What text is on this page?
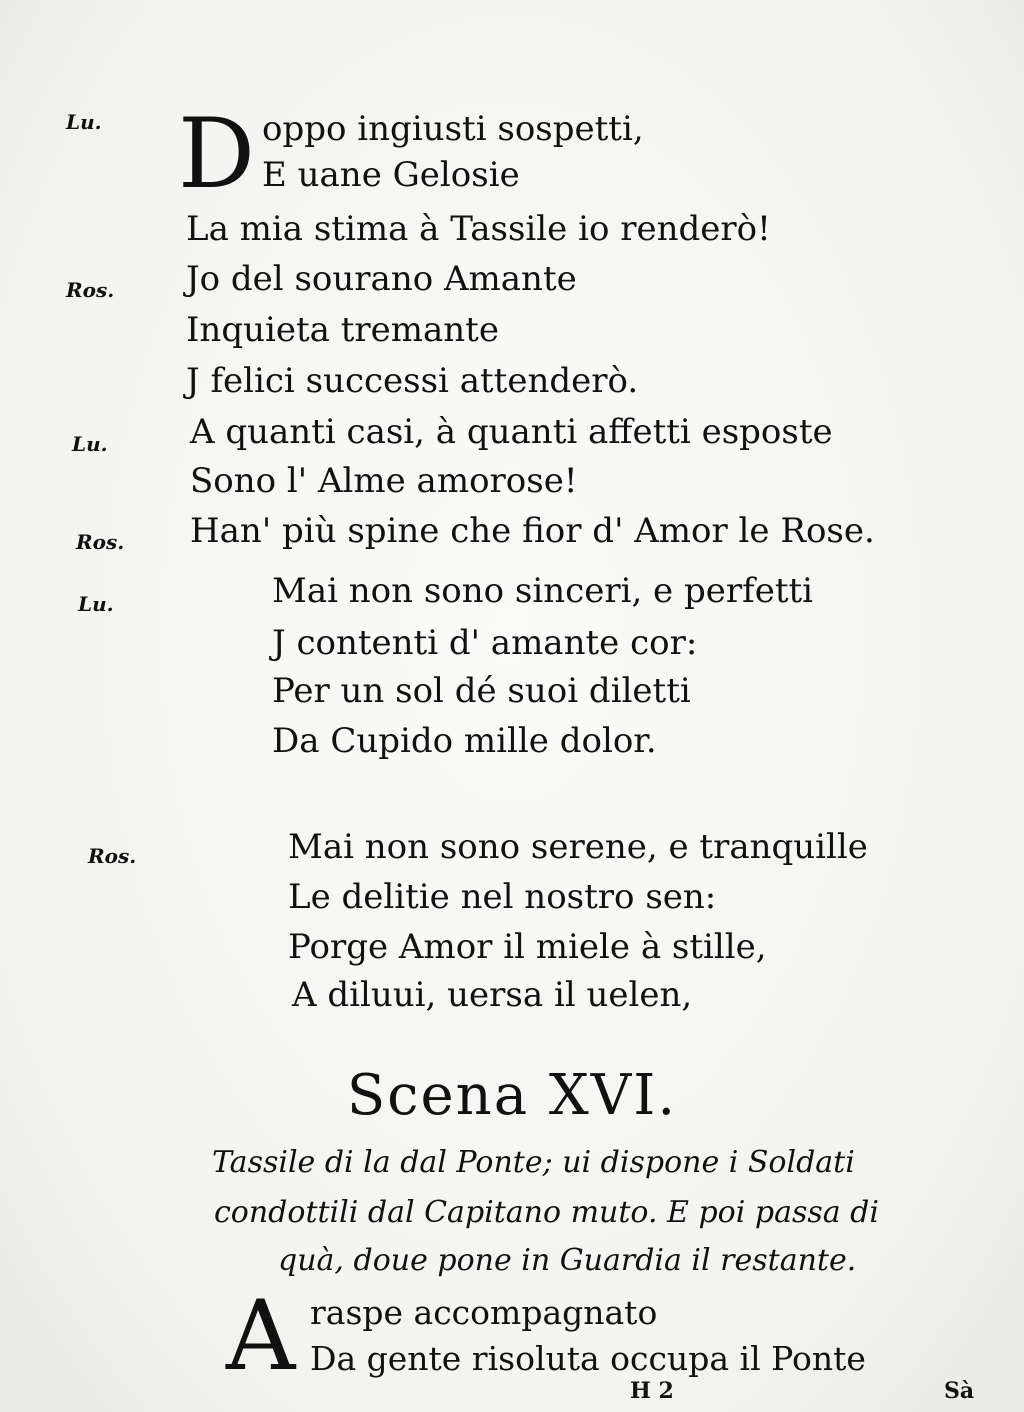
Lu.
Ros.
Lu.
Ros.
Lu.
Ros.
D oppo ingiusti sospetti,
E uane Gelosie
La mia stima à Tassile io renderò!
Jo del sourano Amante
Inquieta tremante
J felici successi attenderò.
A quanti casi, à quanti affetti esposte
Sono l' Alme amorose!
Han' più spine che fior d' Amor le Rose.
Mai non sono sinceri, e perfetti
J contenti d' amante cor:
Per un sol dé suoi diletti
Da Cupido mille dolor.
Mai non sono serene, e tranquille
Le delitie nel nostro sen:
Porge Amor il miele à stille,
A diluui, uersa il uelen,
Scena XVI.
Tassile di la dal Ponte; ui dispone i Soldati
condottili dal Capitano muto. E poi passa di
quà, doue pone in Guardia il restante.
A raspe accompagnato
Da gente risoluta occupa il Ponte
H 2	Sà
